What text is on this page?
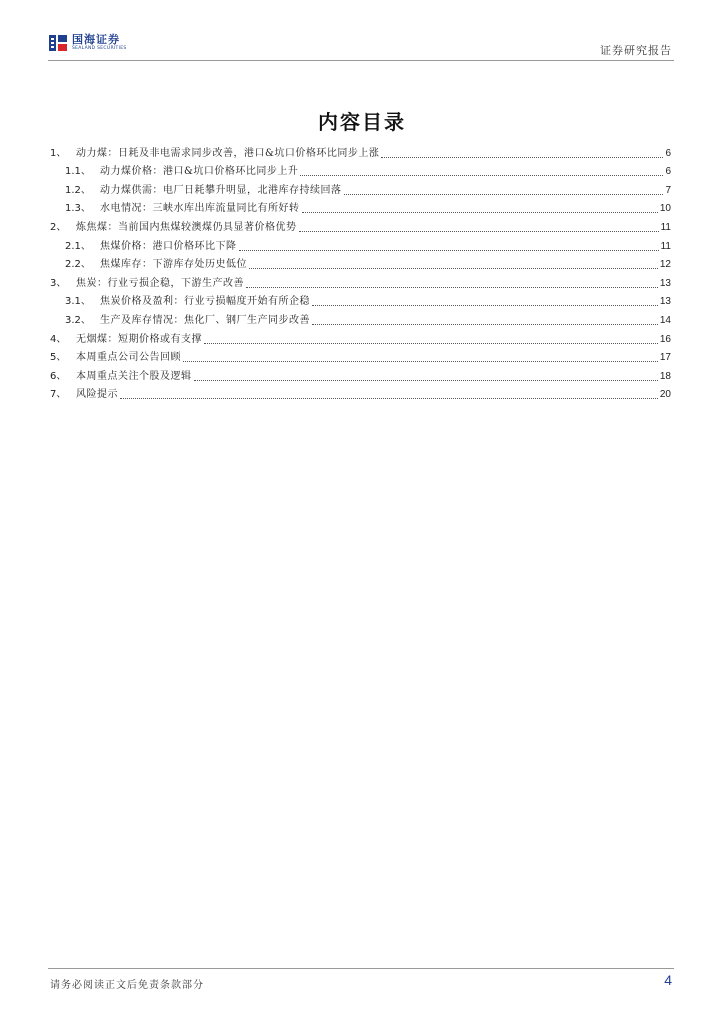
国海证券
SEALAND SECURITIES	证券研究报告
内容目录
1、 动力煤：日耗及非电需求同步改善，港口&坑口价格环比同步上涨	6
1.1、 动力煤价格：港口&坑口价格环比同步上升	6
1.2、 动力煤供需：电厂日耗攀升明显，北港库存持续回落	7
1.3、 水电情况：三峡水库出库流量同比有所好转	10
2、 炼焦煤：当前国内焦煤较澳煤仍具显著价格优势	11
2.1、 焦煤价格：港口价格环比下降	11
2.2、 焦煤库存：下游库存处历史低位	12
3、 焦炭：行业亏损企稳，下游生产改善	13
3.1、 焦炭价格及盈利：行业亏损幅度开始有所企稳	13
3.2、 生产及库存情况：焦化厂、钢厂生产同步改善	14
4、 无烟煤：短期价格或有支撑	16
5、 本周重点公司公告回顾	17
6、 本周重点关注个股及逻辑	18
7、 风险提示	20
请务必阅读正文后免责条款部分	4
